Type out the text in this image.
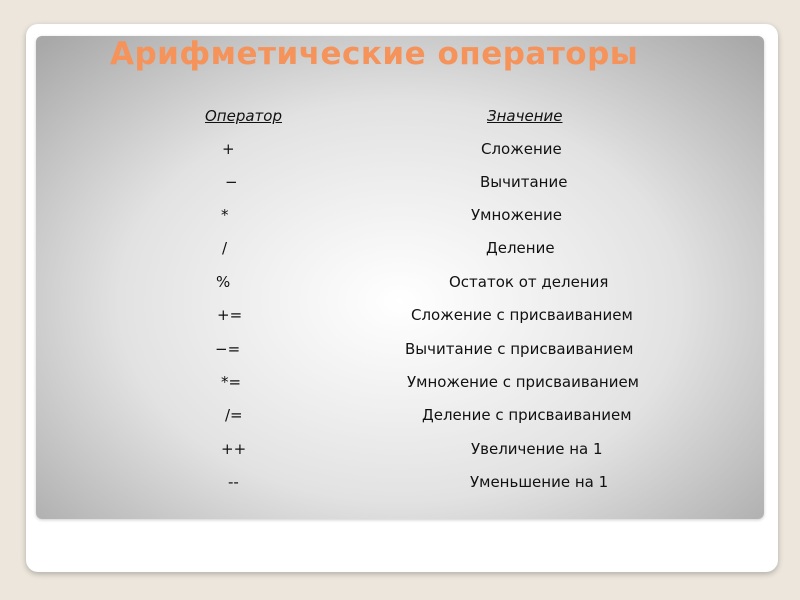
Арифметические операторы
Оператор	Значение
+	Сложение
−	Вычитание
*	Умножение
/	Деление
%	Остаток от деления
+=	Сложение с присваиванием
−=	Вычитание с присваиванием
*=	Умножение с присваиванием
/=	Деление с присваиванием
++	Увеличение на 1
--	Уменьшение на 1
